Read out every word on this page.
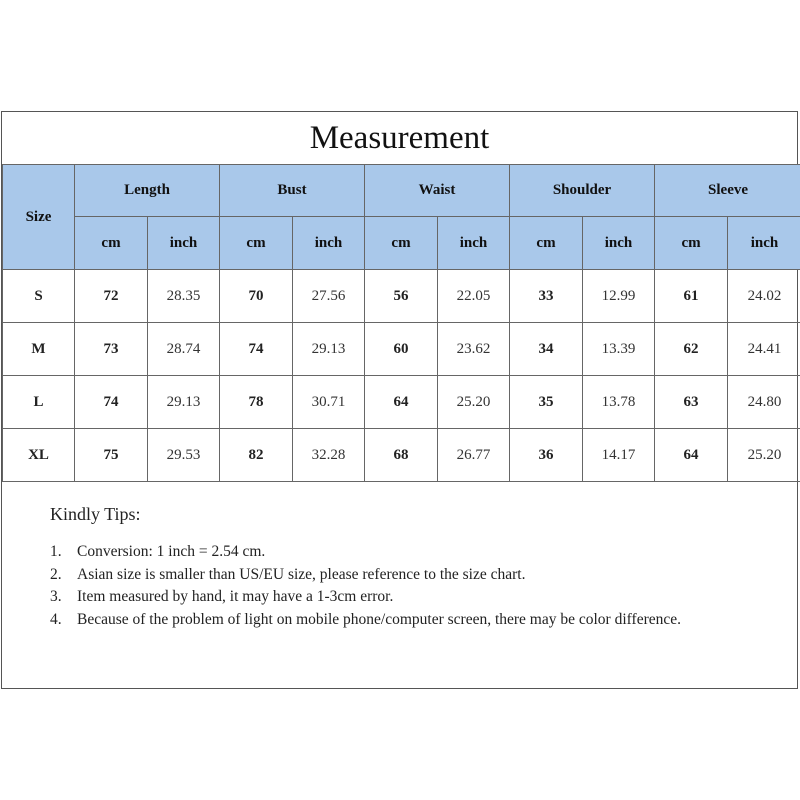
Measurement
Size	Length		Bust		Waist		Shoulder		Sleeve	
	cm	inch	cm	inch	cm	inch	cm	inch	cm	inch
S	72	28.35	70	27.56	56	22.05	33	12.99	61	24.02
M	73	28.74	74	29.13	60	23.62	34	13.39	62	24.41
L	74	29.13	78	30.71	64	25.20	35	13.78	63	24.80
XL	75	29.53	82	32.28	68	26.77	36	14.17	64	25.20
Kindly Tips:
1. Conversion: 1 inch = 2.54 cm.
2. Asian size is smaller than US/EU size, please reference to the size chart.
3. Item measured by hand, it may have a 1-3cm error.
4. Because of the problem of light on mobile phone/computer screen, there may be color difference.
